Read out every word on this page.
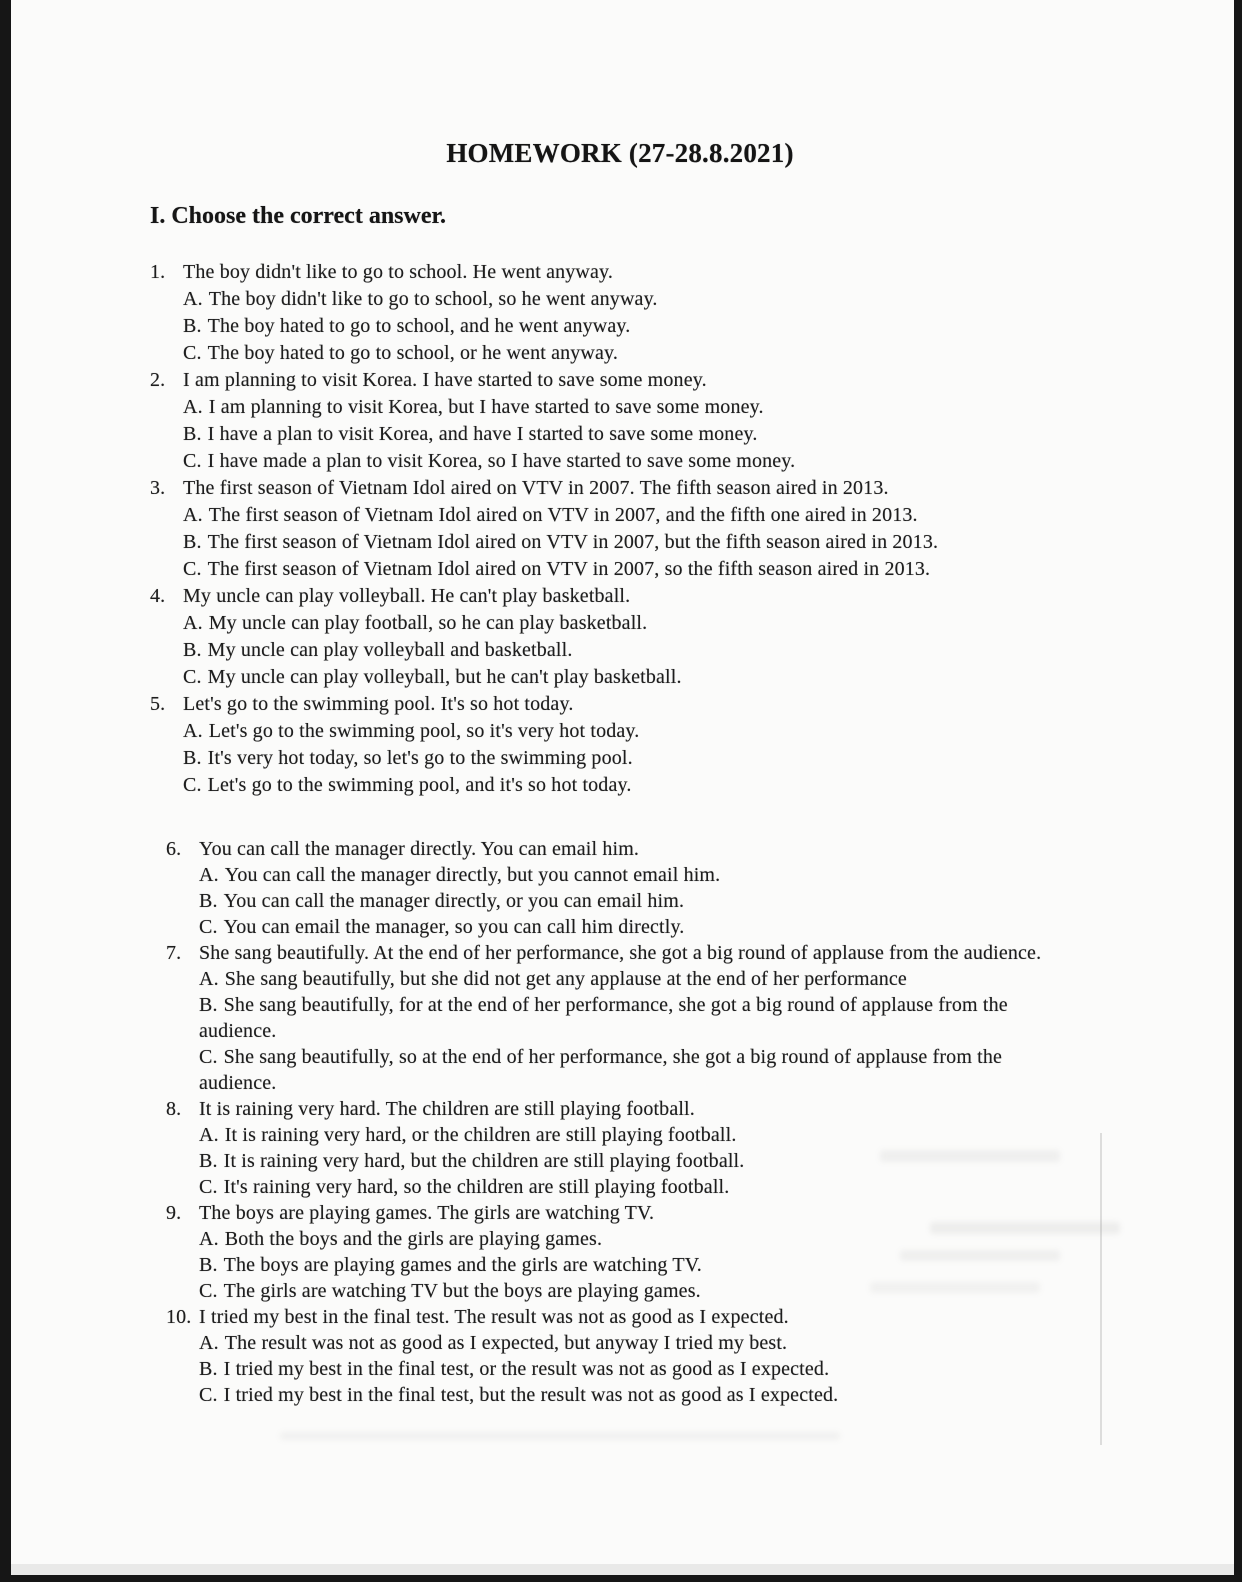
HOMEWORK (27-28.8.2021)
I. Choose the correct answer.
1. The boy didn't like to go to school. He went anyway.
A. The boy didn't like to go to school, so he went anyway.
B. The boy hated to go to school, and he went anyway.
C. The boy hated to go to school, or he went anyway.
2. I am planning to visit Korea. I have started to save some money.
A. I am planning to visit Korea, but I have started to save some money.
B. I have a plan to visit Korea, and have I started to save some money.
C. I have made a plan to visit Korea, so I have started to save some money.
3. The first season of Vietnam Idol aired on VTV in 2007. The fifth season aired in 2013.
A. The first season of Vietnam Idol aired on VTV in 2007, and the fifth one aired in 2013.
B. The first season of Vietnam Idol aired on VTV in 2007, but the fifth season aired in 2013.
C. The first season of Vietnam Idol aired on VTV in 2007, so the fifth season aired in 2013.
4. My uncle can play volleyball. He can't play basketball.
A. My uncle can play football, so he can play basketball.
B. My uncle can play volleyball and basketball.
C. My uncle can play volleyball, but he can't play basketball.
5. Let's go to the swimming pool. It's so hot today.
A. Let's go to the swimming pool, so it's very hot today.
B. It's very hot today, so let's go to the swimming pool.
C. Let's go to the swimming pool, and it's so hot today.
6. You can call the manager directly. You can email him.
A. You can call the manager directly, but you cannot email him.
B. You can call the manager directly, or you can email him.
C. You can email the manager, so you can call him directly.
7. She sang beautifully. At the end of her performance, she got a big round of applause from the audience.
A. She sang beautifully, but she did not get any applause at the end of her performance
B. She sang beautifully, for at the end of her performance, she got a big round of applause from the audience.
C. She sang beautifully, so at the end of her performance, she got a big round of applause from the audience.
8. It is raining very hard. The children are still playing football.
A. It is raining very hard, or the children are still playing football.
B. It is raining very hard, but the children are still playing football.
C. It's raining very hard, so the children are still playing football.
9. The boys are playing games. The girls are watching TV.
A. Both the boys and the girls are playing games.
B. The boys are playing games and the girls are watching TV.
C. The girls are watching TV but the boys are playing games.
10. I tried my best in the final test. The result was not as good as I expected.
A. The result was not as good as I expected, but anyway I tried my best.
B. I tried my best in the final test, or the result was not as good as I expected.
C. I tried my best in the final test, but the result was not as good as I expected.
